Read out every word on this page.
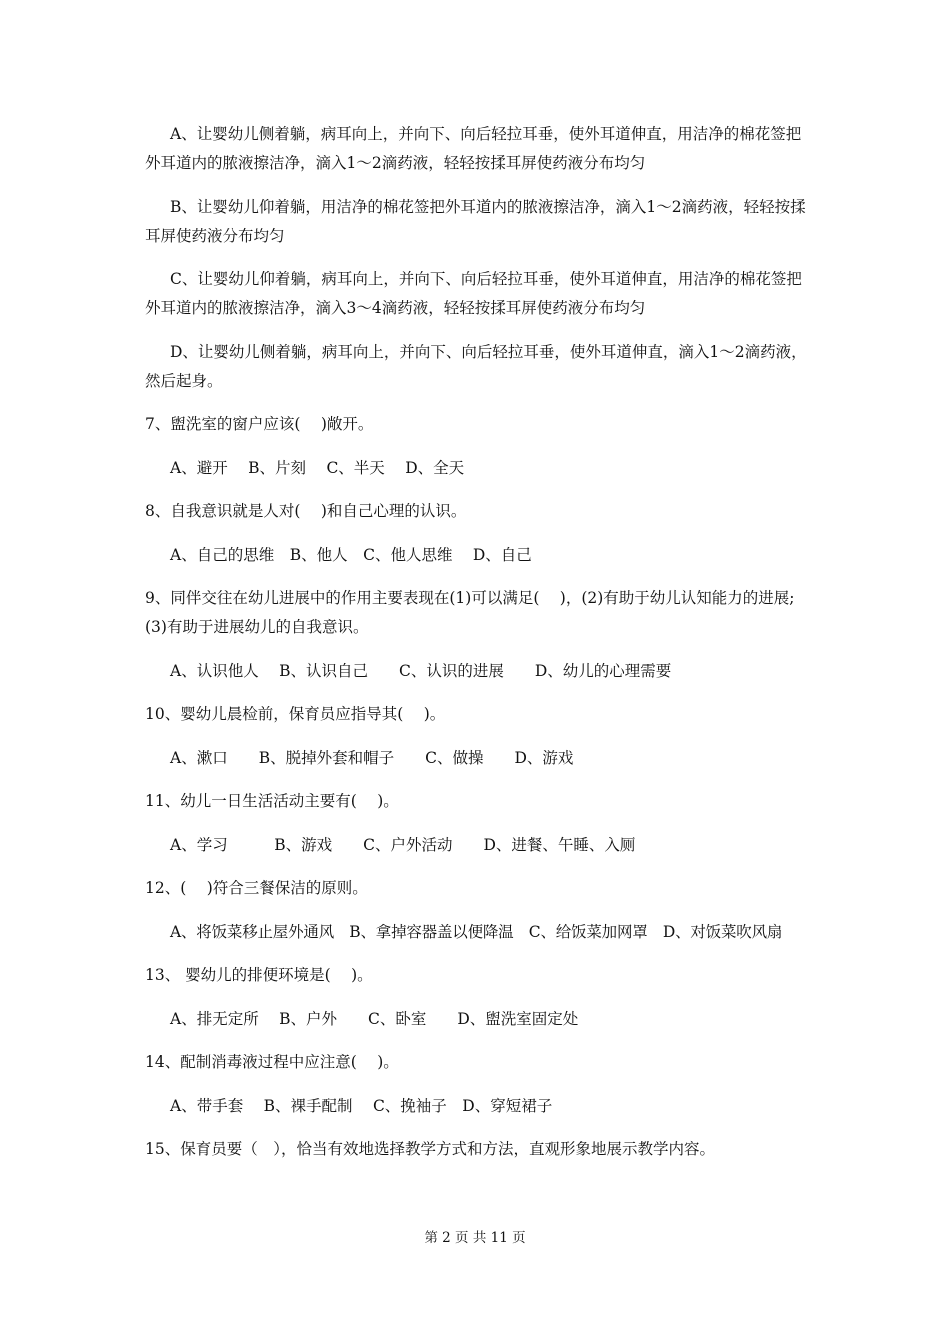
A、让婴幼儿侧着躺，病耳向上，并向下、向后轻拉耳垂，使外耳道伸直，用洁净的棉花签把外耳道内的脓液擦洁净，滴入1～2滴药液，轻轻按揉耳屏使药液分布均匀

B、让婴幼儿仰着躺，用洁净的棉花签把外耳道内的脓液擦洁净，滴入1～2滴药液，轻轻按揉耳屏使药液分布均匀

C、让婴幼儿仰着躺，病耳向上，并向下、向后轻拉耳垂，使外耳道伸直，用洁净的棉花签把外耳道内的脓液擦洁净，滴入3～4滴药液，轻轻按揉耳屏使药液分布均匀

D、让婴幼儿侧着躺，病耳向上，并向下、向后轻拉耳垂，使外耳道伸直，滴入1～2滴药液，然后起身。

7、盥洗室的窗户应该(　 )敞开。

A、避开　 B、片刻　 C、半天　 D、全天

8、自我意识就是人对(　 )和自己心理的认识。

A、自己的思维　B、他人　C、他人思维　 D、自己

9、同伴交往在幼儿进展中的作用主要表现在(1)可以满足(　 )，(2)有助于幼儿认知能力的进展;(3)有助于进展幼儿的自我意识。

A、认识他人　 B、认识自己　　C、认识的进展　　D、幼儿的心理需要

10、婴幼儿晨检前，保育员应指导其(　 )。

A、漱口　　B、脱掉外套和帽子　　C、做操　　D、游戏

11、幼儿一日生活活动主要有(　 )。

A、学习　　　B、游戏　　C、户外活动　　D、进餐、午睡、入厕

12、(　 )符合三餐保洁的原则。

A、将饭菜移止屋外通风　B、拿掉容器盖以便降温　C、给饭菜加网罩　D、对饭菜吹风扇

13、 婴幼儿的排便环境是(　 )。

A、排无定所　 B、户外　　C、卧室　　D、盥洗室固定处

14、配制消毒液过程中应注意(　 )。

A、带手套　 B、裸手配制　 C、挽袖子　D、穿短裙子

15、保育员要（　），恰当有效地选择教学方式和方法，直观形象地展示教学内容。

第 2 页 共 11 页
